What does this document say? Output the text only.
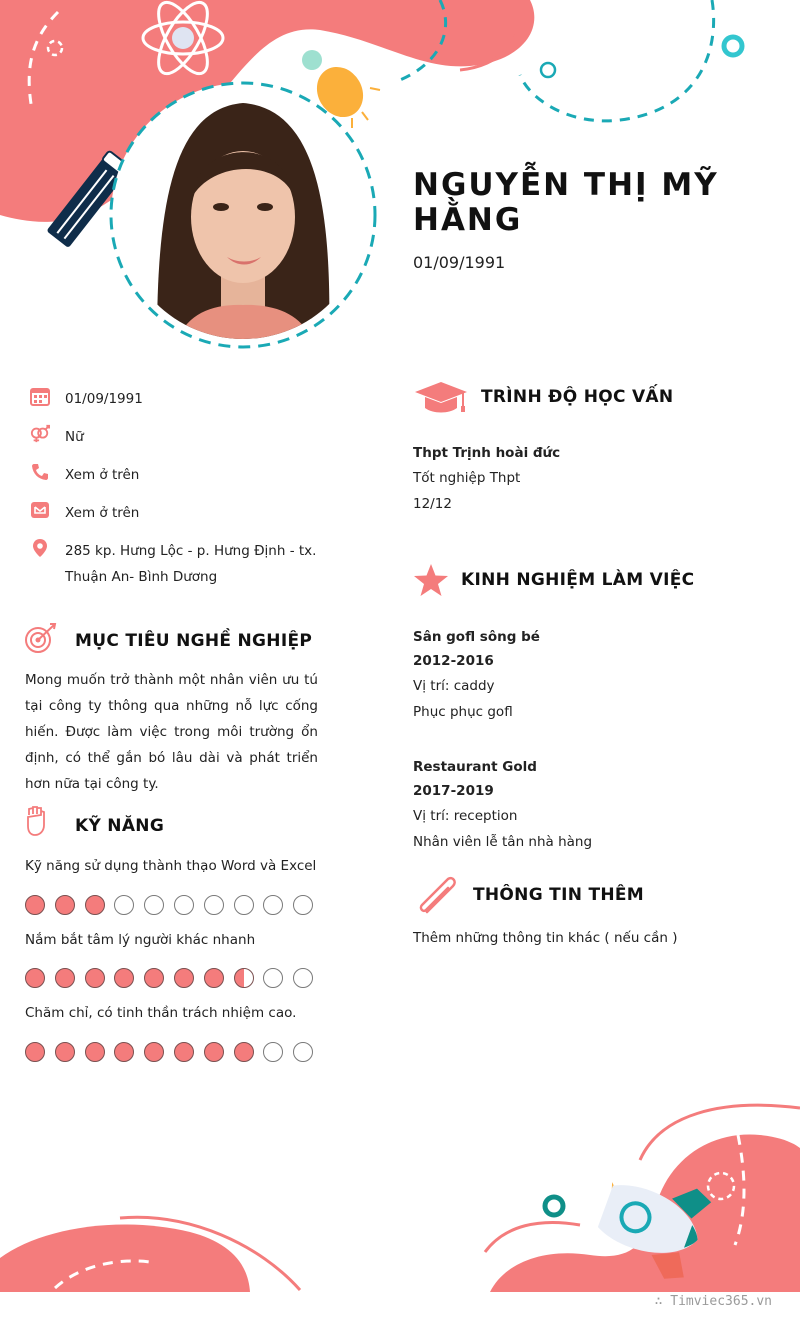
NGUYỄN THỊ MỸ HẰNG
01/09/1991
01/09/1991
Nữ
Xem ở trên
Xem ở trên
285 kp. Hưng Lộc - p. Hưng Định - tx. Thuận An- Bình Dương
MỤC TIÊU NGHỀ NGHIỆP
Mong muốn trở thành một nhân viên ưu tú tại công ty thông qua những nỗ lực cống hiến. Được làm việc trong môi trường ổn định, có thể gắn bó lâu dài và phát triển hơn nữa tại công ty.
KỸ NĂNG
Kỹ năng sử dụng thành thạo Word và Excel
Nắm bắt tâm lý người khác nhanh
Chăm chỉ, có tinh thần trách nhiệm cao.
TRÌNH ĐỘ HỌC VẤN
Thpt Trịnh hoài đức
Tốt nghiệp Thpt
12/12
KINH NGHIỆM LÀM VIỆC
Sân gofl sông bé
2012-2016
Vị trí: caddy
Phục phục gofl
Restaurant Gold
2017-2019
Vị trí: reception
Nhân viên lễ tân nhà hàng
THÔNG TIN THÊM
Thêm những thông tin khác ( nếu cần )
∴ Timviec365.vn
